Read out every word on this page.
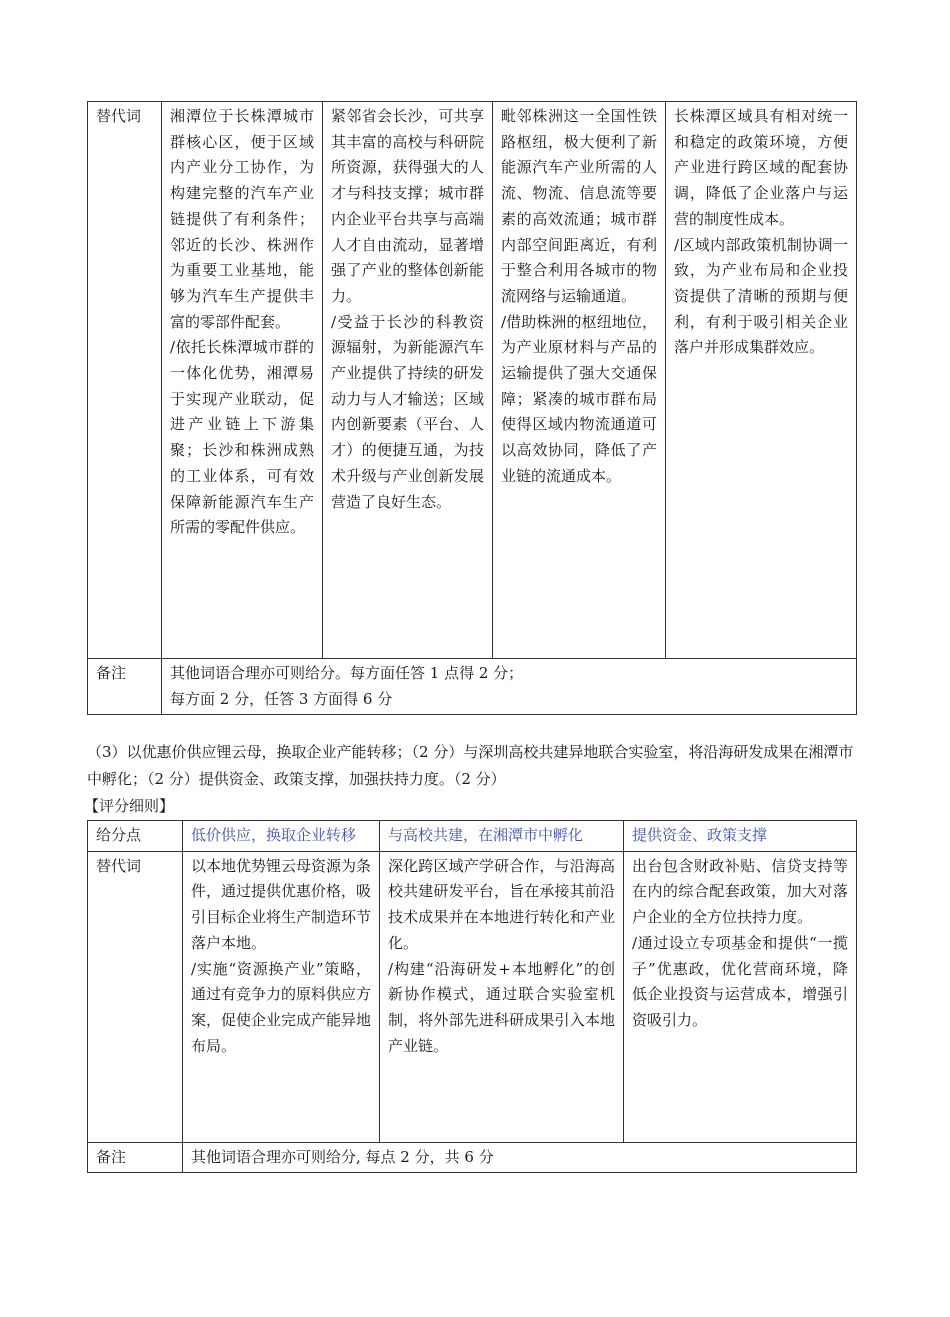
替代词	湘潭位于长株潭城市群核心区，便于区域内产业分工协作，为构建完整的汽车产业链提供了有利条件；邻近的长沙、株洲作为重要工业基地，能够为汽车生产提供丰富的零部件配套。
/依托长株潭城市群的一体化优势，湘潭易于实现产业联动，促进产业链上下游集聚；长沙和株洲成熟的工业体系，可有效保障新能源汽车生产所需的零配件供应。	紧邻省会长沙，可共享其丰富的高校与科研院所资源，获得强大的人才与科技支撑；城市群内企业平台共享与高端人才自由流动，显著增强了产业的整体创新能力。
/受益于长沙的科教资源辐射，为新能源汽车产业提供了持续的研发动力与人才输送；区域内创新要素（平台、人才）的便捷互通，为技术升级与产业创新发展营造了良好生态。	毗邻株洲这一全国性铁路枢纽，极大便利了新能源汽车产业所需的人流、物流、信息流等要素的高效流通；城市群内部空间距离近，有利于整合利用各城市的物流网络与运输通道。
/借助株洲的枢纽地位，为产业原材料与产品的运输提供了强大交通保障；紧凑的城市群布局使得区域内物流通道可以高效协同，降低了产业链的流通成本。	长株潭区域具有相对统一和稳定的政策环境，方便产业进行跨区域的配套协调，降低了企业落户与运营的制度性成本。
/区域内部政策机制协调一致，为产业布局和企业投资提供了清晰的预期与便利，有利于吸引相关企业落户并形成集群效应。

备注	其他词语合理亦可则给分。每方面任答 1 点得 2 分；
每方面 2 分，任答 3 方面得 6 分			
（3）以优惠价供应锂云母，换取企业产能转移；（2 分）与深圳高校共建异地联合实验室，将沿海研发成果在湘潭市中孵化；（2 分）提供资金、政策支撑，加强扶持力度。（2 分）
【评分细则】
给分点	低价供应，换取企业转移	与高校共建，在湘潭市中孵化	提供资金、政策支撑
替代词	以本地优势锂云母资源为条件，通过提供优惠价格，吸引目标企业将生产制造环节落户本地。
/实施“资源换产业”策略，通过有竞争力的原料供应方案，促使企业完成产能异地布局。	深化跨区域产学研合作，与沿海高校共建研发平台，旨在承接其前沿技术成果并在本地进行转化和产业化。
/构建“沿海研发+本地孵化”的创新协作模式，通过联合实验室机制，将外部先进科研成果引入本地产业链。	出台包含财政补贴、信贷支持等在内的综合配套政策，加大对落户企业的全方位扶持力度。
/通过设立专项基金和提供“一揽子”优惠政，优化营商环境，降低企业投资与运营成本，增强引资吸引力。

备注	其他词语合理亦可则给分, 每点 2 分，共 6 分		
